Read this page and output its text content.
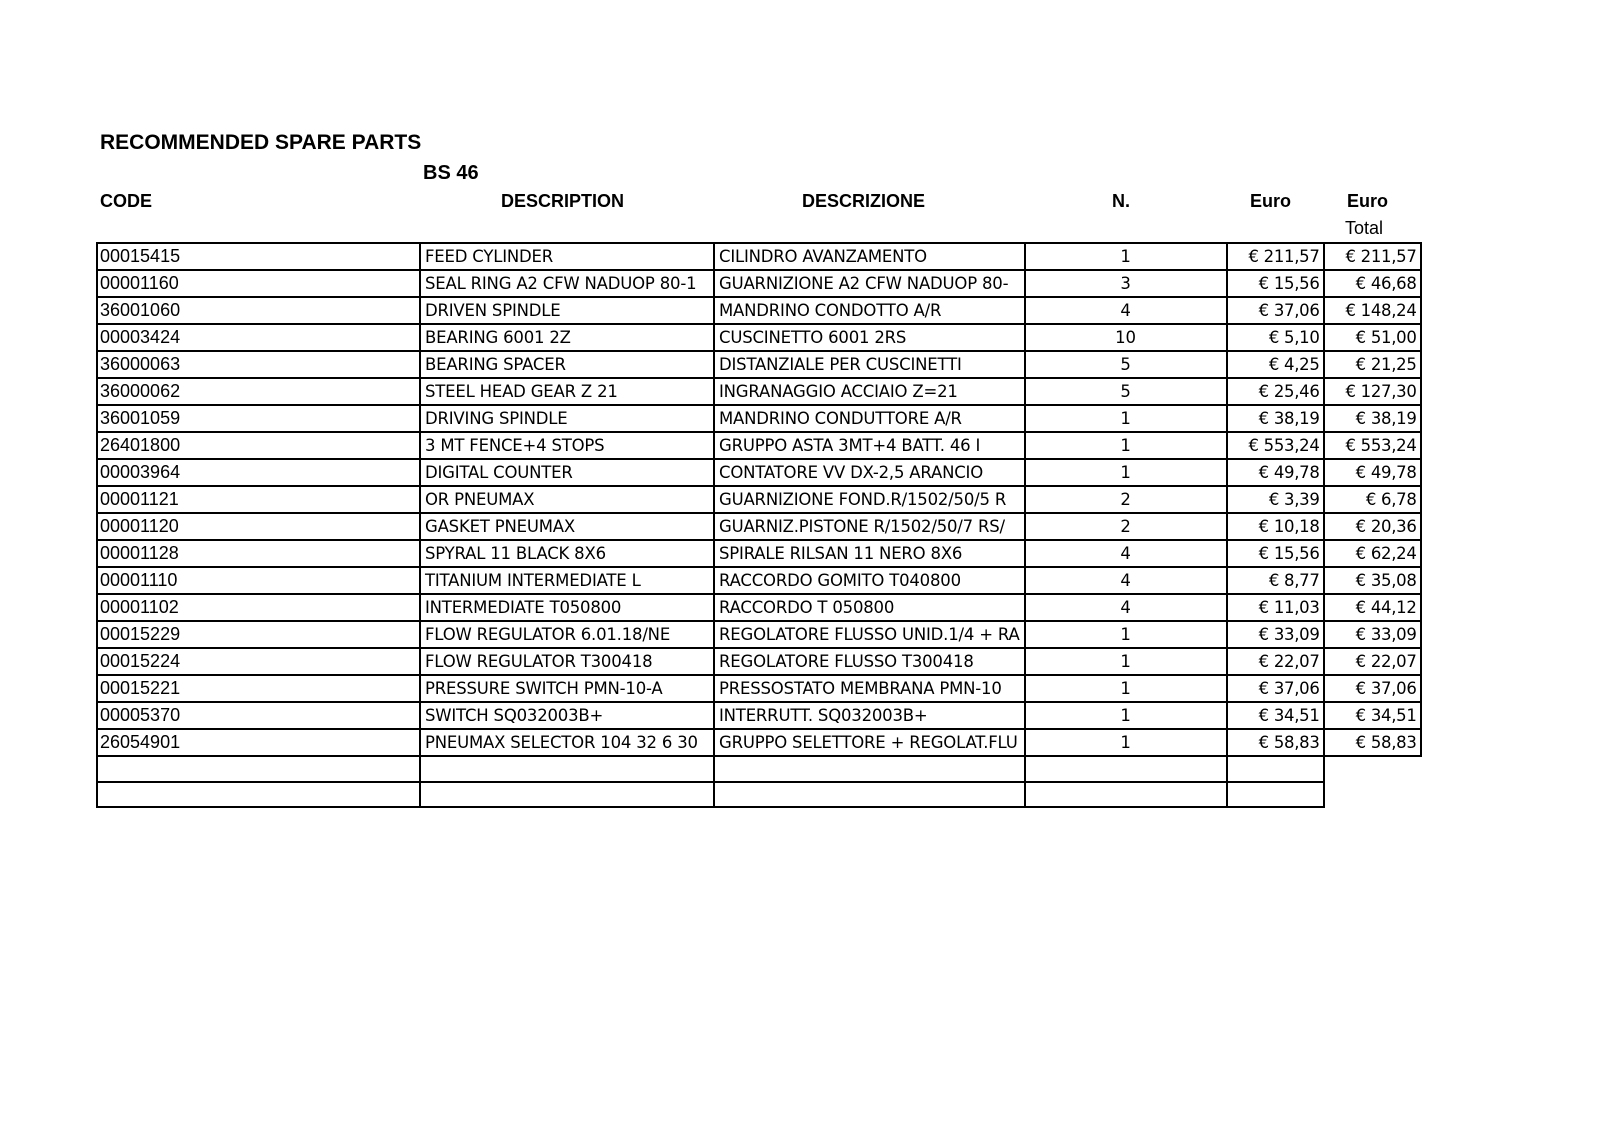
RECOMMENDED SPARE PARTS
BS 46
CODE	DESCRIPTION	DESCRIZIONE	N.	Euro	Euro
Total
00015415	FEED CYLINDER	CILINDRO AVANZAMENTO	1	€ 211,57	€ 211,57
00001160	SEAL RING A2 CFW NADUOP 80-1	GUARNIZIONE A2 CFW NADUOP 80-	3	€ 15,56	€ 46,68
36001060	DRIVEN SPINDLE	MANDRINO CONDOTTO A/R	4	€ 37,06	€ 148,24
00003424	BEARING 6001 2Z	CUSCINETTO 6001 2RS	10	€ 5,10	€ 51,00
36000063	BEARING SPACER	DISTANZIALE PER CUSCINETTI	5	€ 4,25	€ 21,25
36000062	STEEL HEAD GEAR Z 21	INGRANAGGIO ACCIAIO Z=21	5	€ 25,46	€ 127,30
36001059	DRIVING SPINDLE	MANDRINO CONDUTTORE A/R	1	€ 38,19	€ 38,19
26401800	3 MT FENCE+4 STOPS	GRUPPO ASTA 3MT+4 BATT. 46 I	1	€ 553,24	€ 553,24
00003964	DIGITAL COUNTER	CONTATORE VV DX-2,5 ARANCIO	1	€ 49,78	€ 49,78
00001121	OR PNEUMAX	GUARNIZIONE FOND.R/1502/50/5 R	2	€ 3,39	€ 6,78
00001120	GASKET PNEUMAX	GUARNIZ.PISTONE R/1502/50/7 RS/	2	€ 10,18	€ 20,36
00001128	SPYRAL 11 BLACK 8X6	SPIRALE RILSAN 11 NERO 8X6	4	€ 15,56	€ 62,24
00001110	TITANIUM INTERMEDIATE L	RACCORDO GOMITO T040800	4	€ 8,77	€ 35,08
00001102	INTERMEDIATE T050800	RACCORDO T 050800	4	€ 11,03	€ 44,12
00015229	FLOW REGULATOR 6.01.18/NE	REGOLATORE FLUSSO UNID.1/4 + RA	1	€ 33,09	€ 33,09
00015224	FLOW REGULATOR T300418	REGOLATORE FLUSSO T300418	1	€ 22,07	€ 22,07
00015221	PRESSURE SWITCH PMN-10-A	PRESSOSTATO MEMBRANA PMN-10	1	€ 37,06	€ 37,06
00005370	SWITCH SQ032003B+	INTERRUTT. SQ032003B+	1	€ 34,51	€ 34,51
26054901	PNEUMAX SELECTOR 104 32 6 30	GRUPPO SELETTORE + REGOLAT.FLU	1	€ 58,83	€ 58,83
